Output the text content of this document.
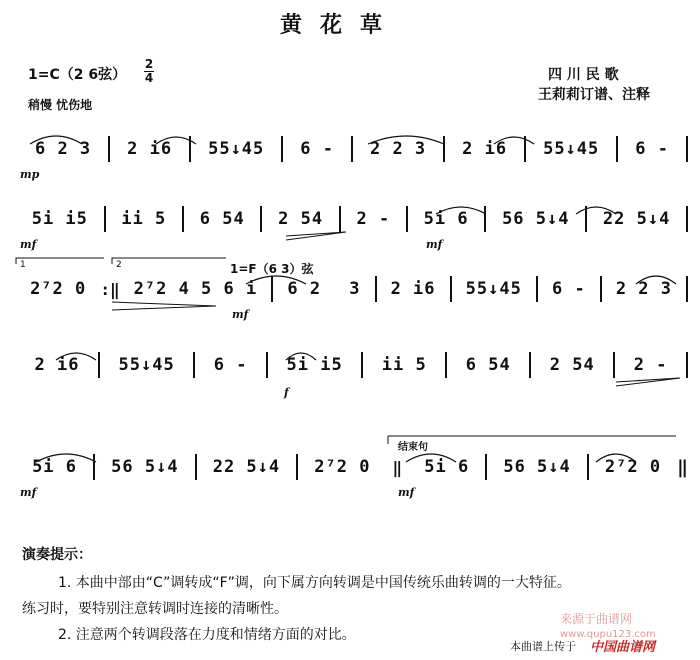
黄花草
1=C（2 6弦）
2
4
稍慢 忧伤地
四 川 民 歌
王莉莉订谱、注释
来源于曲谱网
www.qupu123.com
6 2 3	2 i6	55↓45	6 -	2 2 3	2 i6	55↓45	6 -
mp
5i i5	ii 5	6 54	2 54	2 -	5i 6	56 5↓4	22 5↓4
mf	mf
1	2	1=F（6 3）弦
2⁷2 0 :‖ 2⁷2 4 5 6 i	6 2	3	2 i6	55↓45	6 -	2 2 3
mf
2 i6	55↓45	6 -	5i i5	ii 5	6 54	2 54	2 -
f
结束句
5i 6	56 5↓4	22 5↓4	2⁷2 0	‖	5i 6	56 5↓4	2⁷2 0 ‖
mf	mf
演奏提示：
1. 本曲中部由“C”调转成“F”调，向下属方向转调是中国传统乐曲转调的一大特征。
练习时，要特别注意转调时连接的清晰性。
2. 注意两个转调段落在力度和情绪方面的对比。
本曲谱上传于 中国曲谱网
